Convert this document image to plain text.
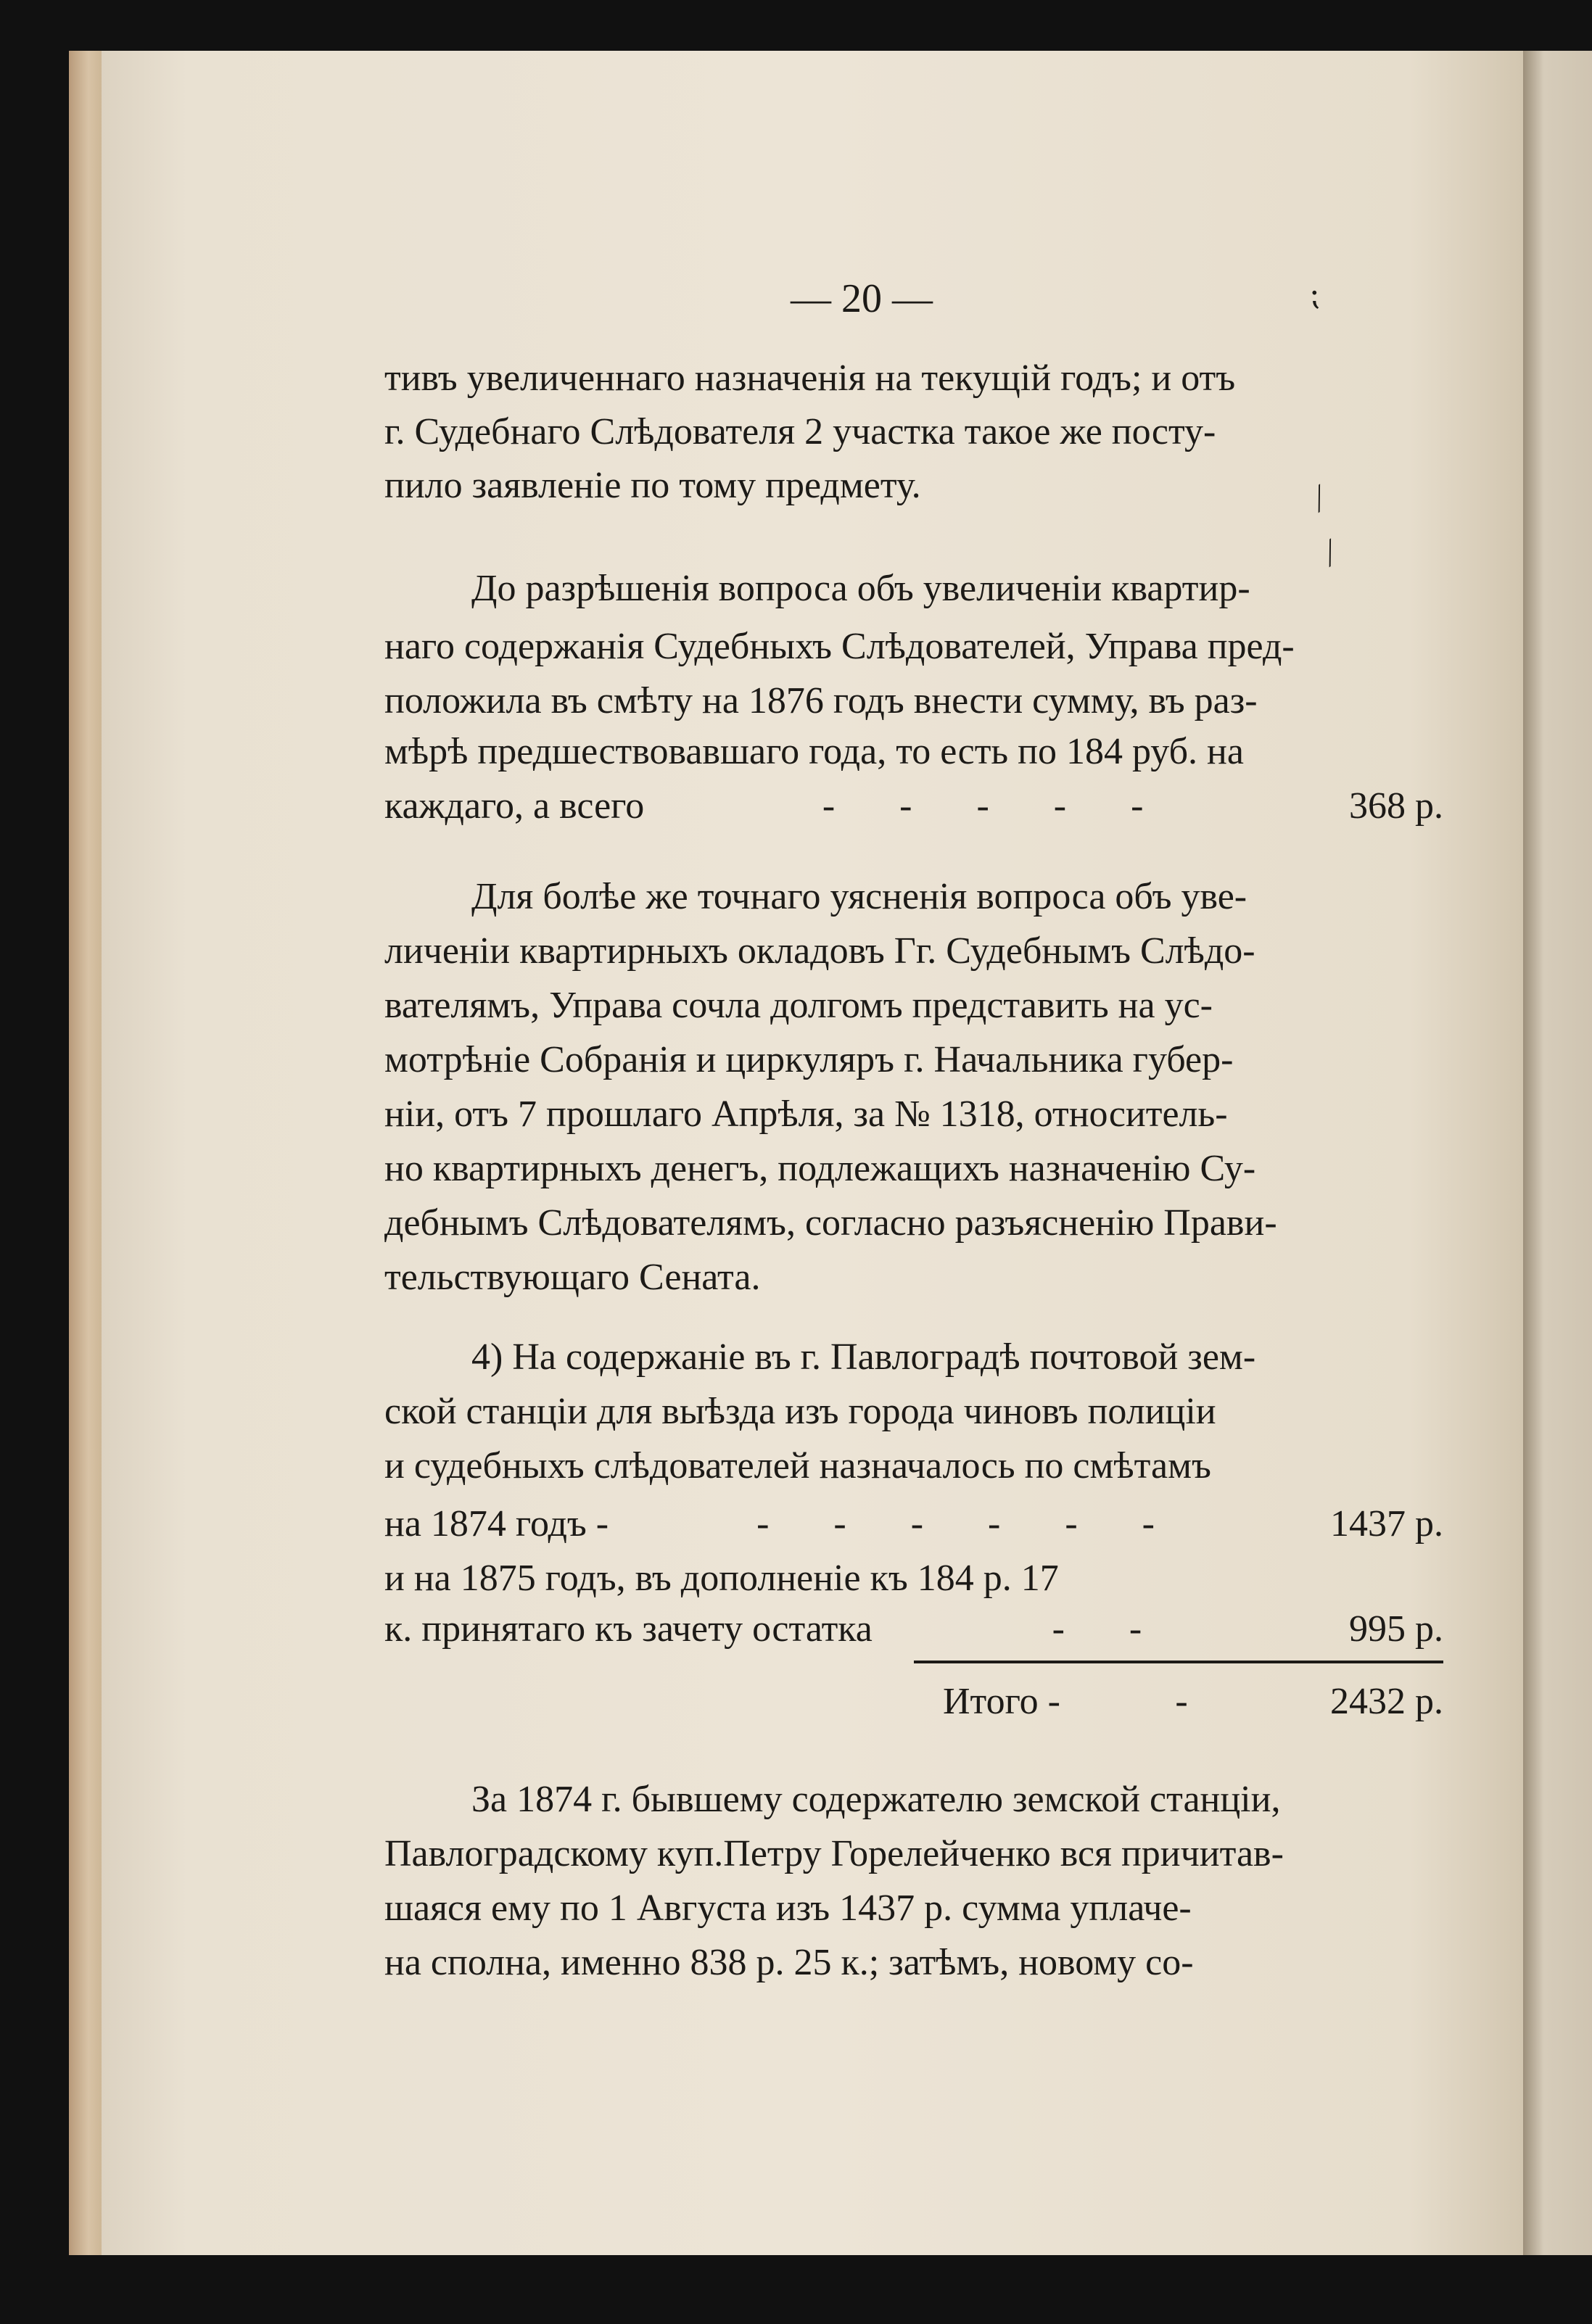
— 20 —
тивъ увеличеннаго назначенія на текущій годъ; и отъ
г. Судебнаго Слѣдователя 2 участка такое же посту-
пило заявленіе по тому предмету.
До разрѣшенія вопроса объ увеличеніи квартир-
наго содержанія Судебныхъ Слѣдователей, Управа пред-
положила въ смѣту на 1876 годъ внести сумму, въ раз-
мѣрѣ предшествовавшаго года, то есть по 184 руб. на
каждаго, а всего	- - - - -	368 р.
Для болѣе же точнаго уясненія вопроса объ уве-
личеніи квартирныхъ окладовъ Гг. Судебнымъ Слѣдо-
вателямъ, Управа сочла долгомъ представить на ус-
мотрѣніе Собранія и циркуляръ г. Начальника губер-
ніи, отъ 7 прошлаго Апрѣля, за № 1318, относитель-
но квартирныхъ денегъ, подлежащихъ назначенію Су-
дебнымъ Слѣдователямъ, согласно разъясненію Прави-
тельствующаго Сената.
4) На содержаніе въ г. Павлоградѣ почтовой зем-
ской станціи для выѣзда изъ города чиновъ полиціи
и судебныхъ слѣдователей назначалось по смѣтамъ
на 1874 годъ -	- - - - - -	1437 р.
и на 1875 годъ, въ дополненіе къ 184 р. 17
к. принятаго къ зачету остатка	- -	995 р.
Итого -	-	2432 р.
За 1874 г. бывшему содержателю земской станціи,
Павлоградскому куп.Петру Горелейченко вся причитав-
шаяся ему по 1 Августа изъ 1437 р. сумма уплаче-
на сполна, именно 838 р. 25 к.; затѣмъ, новому со-
⁏
⁄
⁄
